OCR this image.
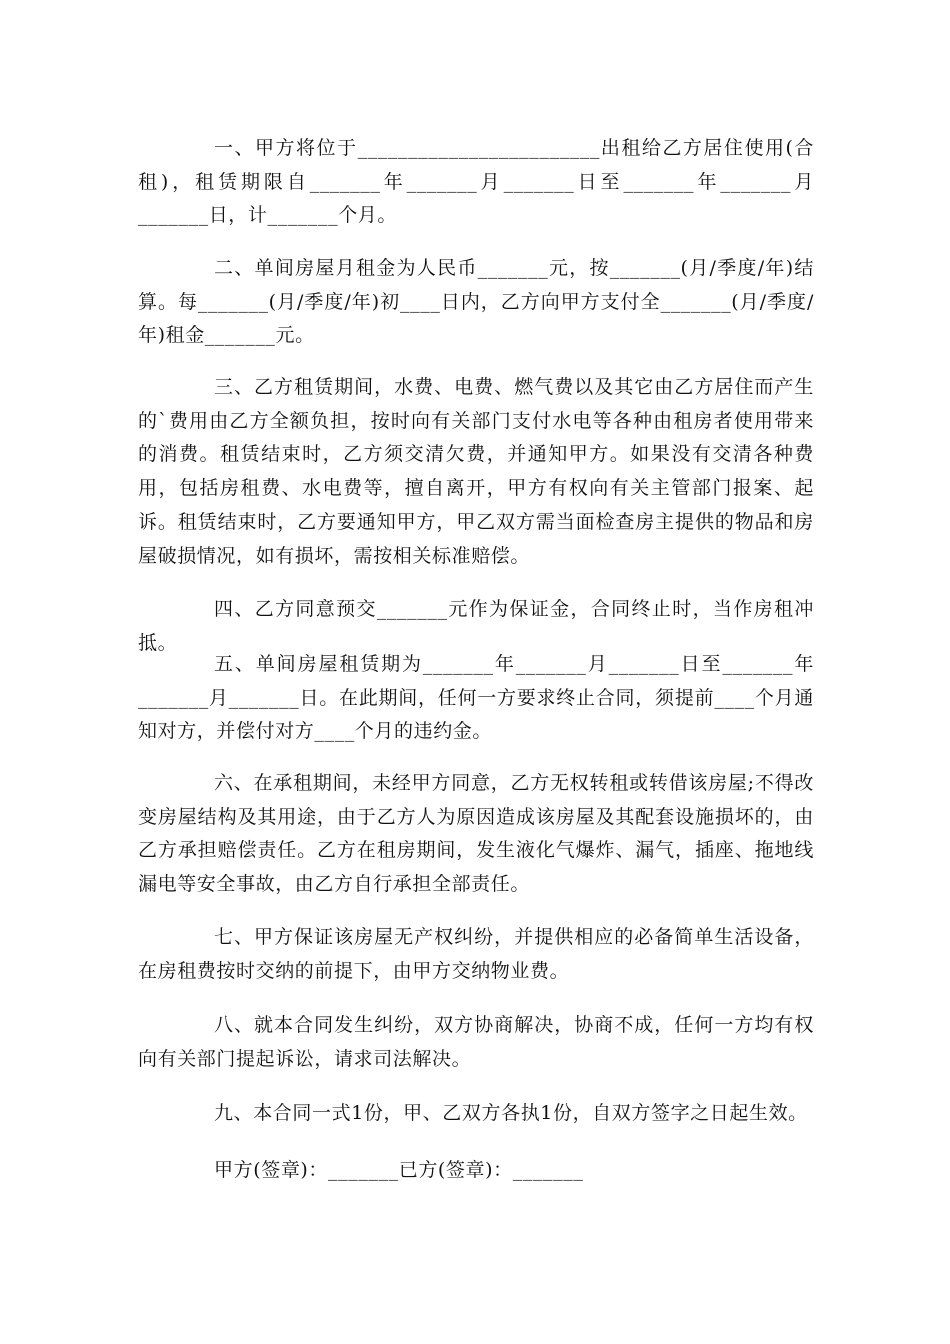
一、甲方将位于________________________出租给乙方居住使用(合租)，租赁期限自_______年_______月_______日至_______年_______月_______日，计_______个月。

二、单间房屋月租金为人民币_______元，按_______(月/季度/年)结算。每_______(月/季度/年)初____日内，乙方向甲方支付全_______(月/季度/年)租金_______元。

三、乙方租赁期间，水费、电费、燃气费以及其它由乙方居住而产生的`费用由乙方全额负担，按时向有关部门支付水电等各种由租房者使用带来的消费。租赁结束时，乙方须交清欠费，并通知甲方。如果没有交清各种费用，包括房租费、水电费等，擅自离开，甲方有权向有关主管部门报案、起诉。租赁结束时，乙方要通知甲方，甲乙双方需当面检查房主提供的物品和房屋破损情况，如有损坏，需按相关标准赔偿。

四、乙方同意预交_______元作为保证金，合同终止时，当作房租冲抵。

五、单间房屋租赁期为_______年_______月_______日至_______年_______月_______日。在此期间，任何一方要求终止合同，须提前____个月通知对方，并偿付对方____个月的违约金。

六、在承租期间，未经甲方同意，乙方无权转租或转借该房屋;不得改变房屋结构及其用途，由于乙方人为原因造成该房屋及其配套设施损坏的，由乙方承担赔偿责任。乙方在租房期间，发生液化气爆炸、漏气，插座、拖地线漏电等安全事故，由乙方自行承担全部责任。

七、甲方保证该房屋无产权纠纷，并提供相应的必备简单生活设备，在房租费按时交纳的前提下，由甲方交纳物业费。

八、就本合同发生纠纷，双方协商解决，协商不成，任何一方均有权向有关部门提起诉讼，请求司法解决。

九、本合同一式1份，甲、乙双方各执1份，自双方签字之日起生效。

甲方(签章)：_______已方(签章)：_______
